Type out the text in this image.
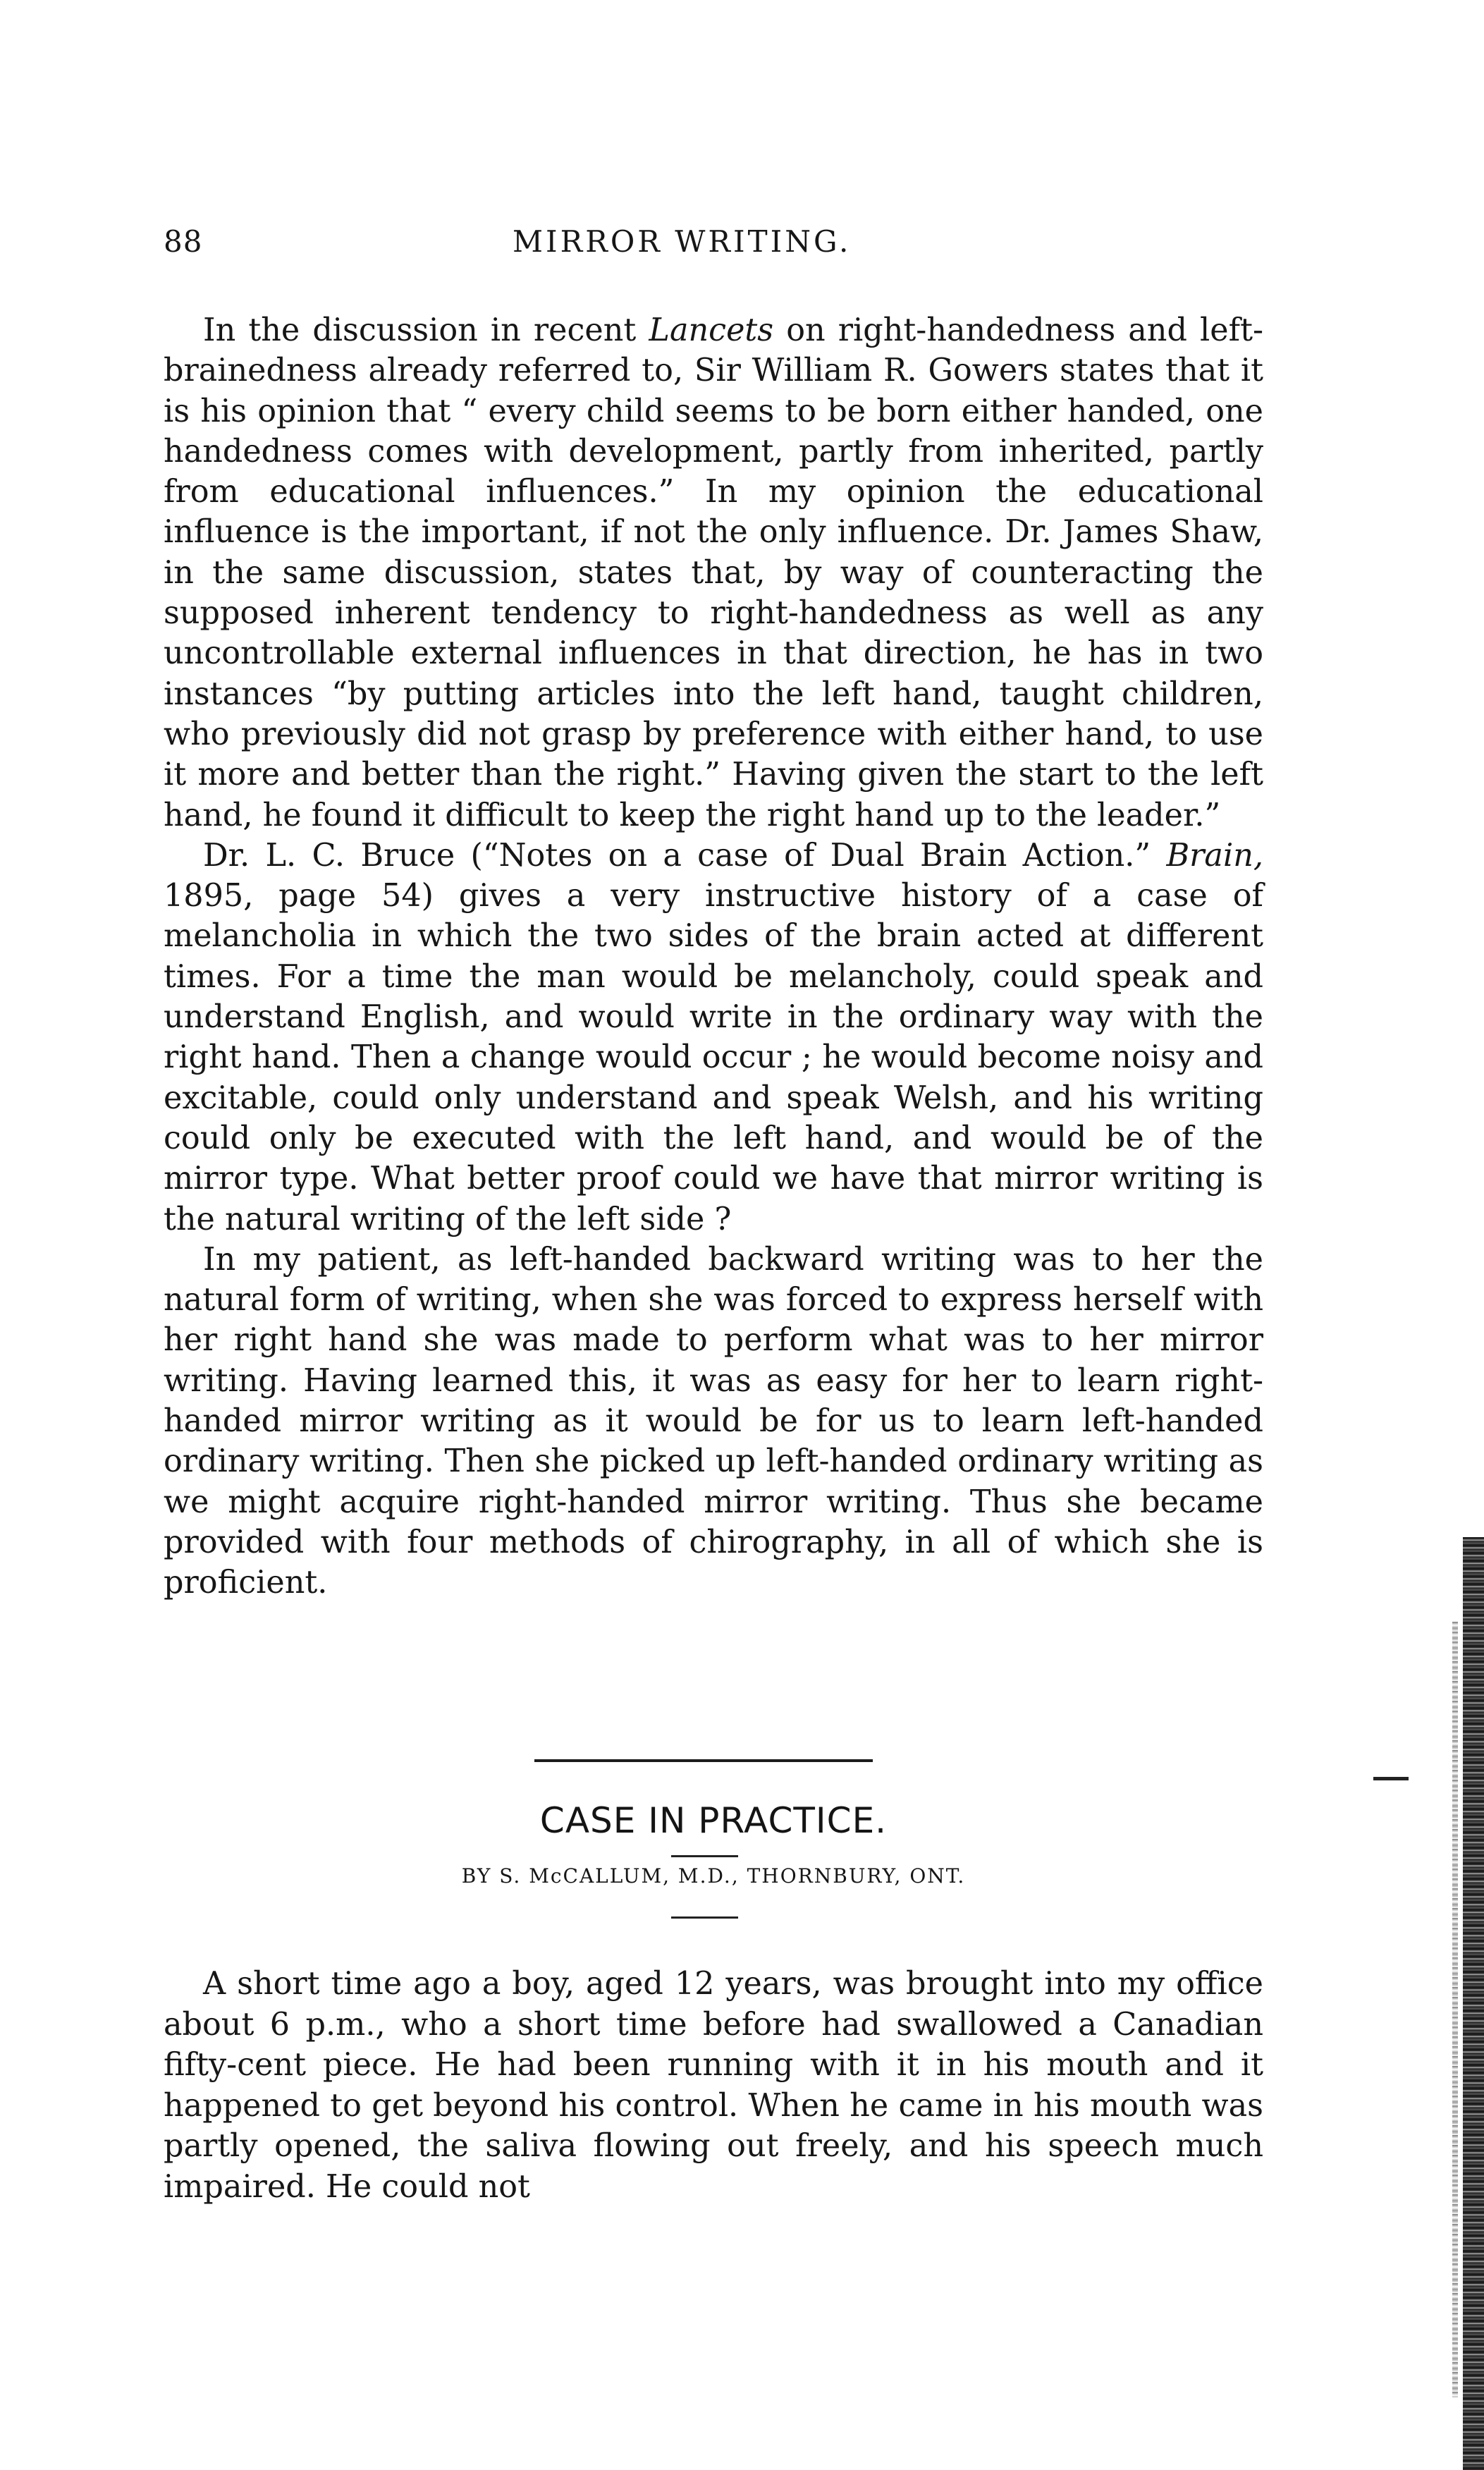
88	MIRROR WRITING.

In the discussion in recent Lancets on right-handedness and left-brainedness already referred to, Sir William R. Gowers states that it is his opinion that “ every child seems to be born either handed, one handedness comes with development, partly from inherited, partly from educational influences.” In my opinion the educational influence is the important, if not the only influence. Dr. James Shaw, in the same discussion, states that, by way of counteracting the supposed inherent tendency to right-handedness as well as any uncontrollable external influences in that direction, he has in two instances “by putting articles into the left hand, taught children, who previously did not grasp by preference with either hand, to use it more and better than the right.” Having given the start to the left hand, he found it difficult to keep the right hand up to the leader.”

Dr. L. C. Bruce (“Notes on a case of Dual Brain Action.” Brain, 1895, page 54) gives a very instructive history of a case of melancholia in which the two sides of the brain acted at different times. For a time the man would be melancholy, could speak and understand English, and would write in the ordinary way with the right hand. Then a change would occur ; he would become noisy and excitable, could only understand and speak Welsh, and his writing could only be executed with the left hand, and would be of the mirror type. What better proof could we have that mirror writing is the natural writing of the left side ?

In my patient, as left-handed backward writing was to her the natural form of writing, when she was forced to express herself with her right hand she was made to perform what was to her mirror writing. Having learned this, it was as easy for her to learn right-handed mirror writing as it would be for us to learn left-handed ordinary writing. Then she picked up left-handed ordinary writing as we might acquire right-handed mirror writing. Thus she became provided with four methods of chirography, in all of which she is proficient.

CASE IN PRACTICE.
BY S. McCALLUM, M.D., THORNBURY, ONT.

A short time ago a boy, aged 12 years, was brought into my office about 6 p.m., who a short time before had swallowed a Canadian fifty-cent piece. He had been running with it in his mouth and it happened to get beyond his control. When he came in his mouth was partly opened, the saliva flowing out freely, and his speech much impaired. He could not
